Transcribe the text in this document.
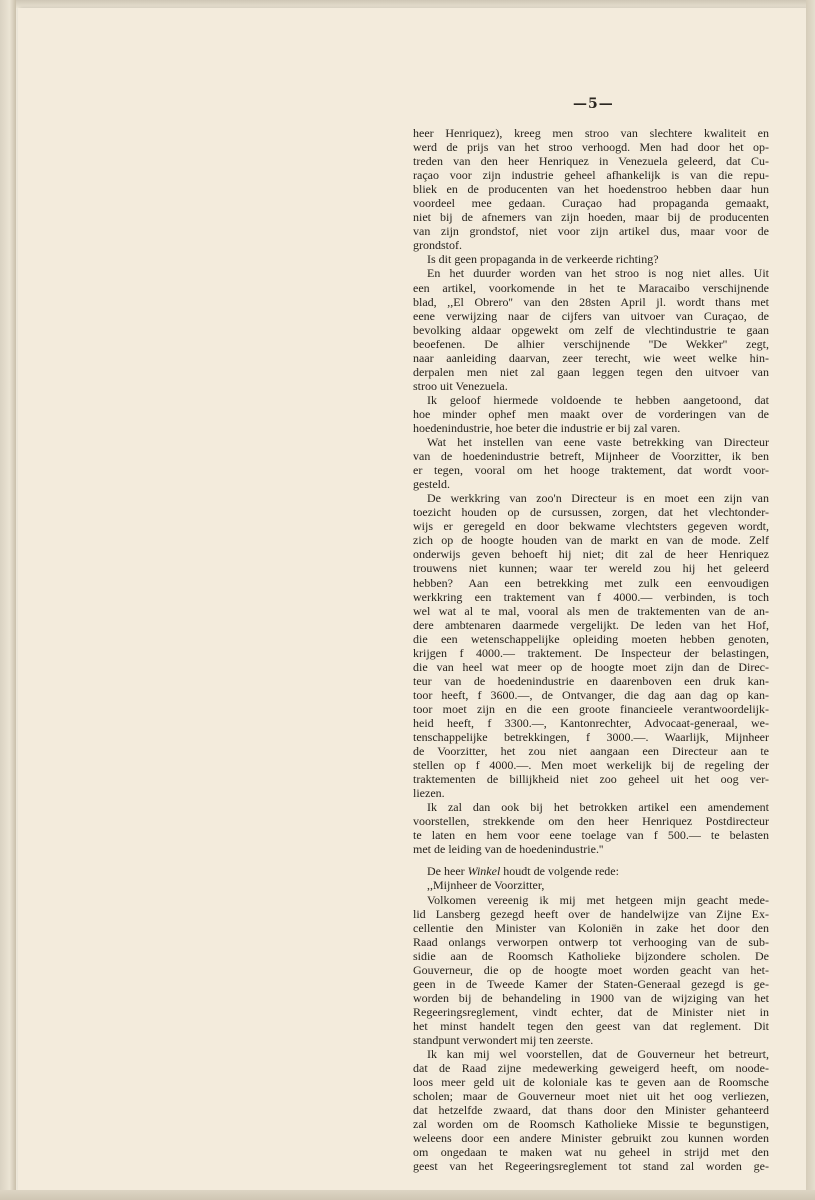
—5—
heer Henriquez), kreeg men stroo van slechtere kwaliteit en
werd de prijs van het stroo verhoogd. Men had door het op-
treden van den heer Henriquez in Venezuela geleerd, dat Cu-
raçao voor zijn industrie geheel afhankelijk is van die repu-
bliek en de producenten van het hoedenstroo hebben daar hun
voordeel mee gedaan. Curaçao had propaganda gemaakt,
niet bij de afnemers van zijn hoeden, maar bij de producenten
van zijn grondstof, niet voor zijn artikel dus, maar voor de
grondstof.
Is dit geen propaganda in de verkeerde richting?
En het duurder worden van het stroo is nog niet alles. Uit
een artikel, voorkomende in het te Maracaibo verschijnende
blad, ,,El Obrero'' van den 28sten April jl. wordt thans met
eene verwijzing naar de cijfers van uitvoer van Curaçao, de
bevolking aldaar opgewekt om zelf de vlechtindustrie te gaan
beoefenen. De alhier verschijnende ''De Wekker'' zegt,
naar aanleiding daarvan, zeer terecht, wie weet welke hin-
derpalen men niet zal gaan leggen tegen den uitvoer van
stroo uit Venezuela.
Ik geloof hiermede voldoende te hebben aangetoond, dat
hoe minder ophef men maakt over de vorderingen van de
hoedenindustrie, hoe beter die industrie er bij zal varen.
Wat het instellen van eene vaste betrekking van Directeur
van de hoedenindustrie betreft, Mijnheer de Voorzitter, ik ben
er tegen, vooral om het hooge traktement, dat wordt voor-
gesteld.
De werkkring van zoo'n Directeur is en moet een zijn van
toezicht houden op de cursussen, zorgen, dat het vlechtonder-
wijs er geregeld en door bekwame vlechtsters gegeven wordt,
zich op de hoogte houden van de markt en van de mode. Zelf
onderwijs geven behoeft hij niet; dit zal de heer Henriquez
trouwens niet kunnen; waar ter wereld zou hij het geleerd
hebben? Aan een betrekking met zulk een eenvoudigen
werkkring een traktement van f 4000.— verbinden, is toch
wel wat al te mal, vooral als men de traktementen van de an-
dere ambtenaren daarmede vergelijkt. De leden van het Hof,
die een wetenschappelijke opleiding moeten hebben genoten,
krijgen f 4000.— traktement. De Inspecteur der belastingen,
die van heel wat meer op de hoogte moet zijn dan de Direc-
teur van de hoedenindustrie en daarenboven een druk kan-
toor heeft, f 3600.—, de Ontvanger, die dag aan dag op kan-
toor moet zijn en die een groote financieele verantwoordelijk-
heid heeft, f 3300.—, Kantonrechter, Advocaat-generaal, we-
tenschappelijke betrekkingen, f 3000.—. Waarlijk, Mijnheer
de Voorzitter, het zou niet aangaan een Directeur aan te
stellen op f 4000.—. Men moet werkelijk bij de regeling der
traktementen de billijkheid niet zoo geheel uit het oog ver-
liezen.
Ik zal dan ook bij het betrokken artikel een amendement
voorstellen, strekkende om den heer Henriquez Postdirecteur
te laten en hem voor eene toelage van f 500.— te belasten
met de leiding van de hoedenindustrie.''
De heer Winkel houdt de volgende rede:
,,Mijnheer de Voorzitter,
Volkomen vereenig ik mij met hetgeen mijn geacht mede-
lid Lansberg gezegd heeft over de handelwijze van Zijne Ex-
cellentie den Minister van Koloniën in zake het door den
Raad onlangs verworpen ontwerp tot verhooging van de sub-
sidie aan de Roomsch Katholieke bijzondere scholen. De
Gouverneur, die op de hoogte moet worden geacht van het-
geen in de Tweede Kamer der Staten-Generaal gezegd is ge-
worden bij de behandeling in 1900 van de wijziging van het
Regeeringsreglement, vindt echter, dat de Minister niet in
het minst handelt tegen den geest van dat reglement. Dit
standpunt verwondert mij ten zeerste.
Ik kan mij wel voorstellen, dat de Gouverneur het betreurt,
dat de Raad zijne medewerking geweigerd heeft, om noode-
loos meer geld uit de koloniale kas te geven aan de Roomsche
scholen; maar de Gouverneur moet niet uit het oog verliezen,
dat hetzelfde zwaard, dat thans door den Minister gehanteerd
zal worden om de Roomsch Katholieke Missie te begunstigen,
weleens door een andere Minister gebruikt zou kunnen worden
om ongedaan te maken wat nu geheel in strijd met den
geest van het Regeeringsreglement tot stand zal worden ge-
